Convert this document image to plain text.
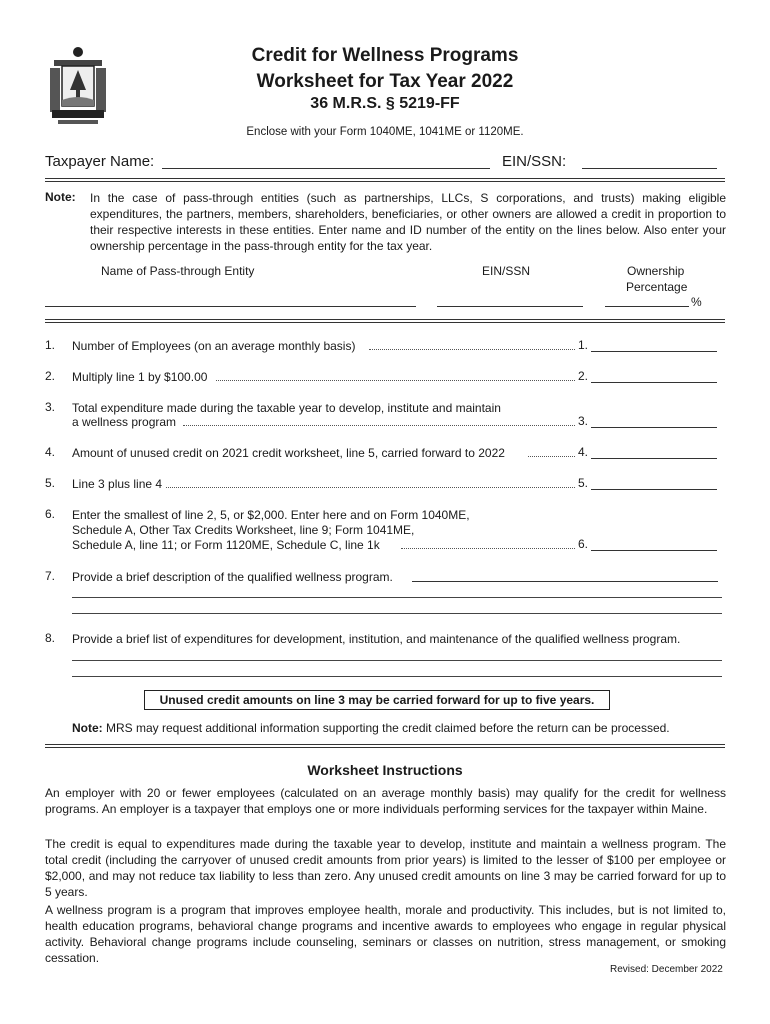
Credit for Wellness Programs
Worksheet for Tax Year 2022
36 M.R.S. § 5219-FF
Enclose with your Form 1040ME, 1041ME or 1120ME.
Taxpayer Name:	EIN/SSN:
Note: In the case of pass-through entities (such as partnerships, LLCs, S corporations, and trusts) making eligible expenditures, the partners, members, shareholders, beneficiaries, or other owners are allowed a credit in proportion to their respective interests in these entities. Enter name and ID number of the entity on the lines below. Also enter your ownership percentage in the pass-through entity for the tax year.
Name of Pass-through Entity	EIN/SSN	Ownership
Percentage
%
1. Number of Employees (on an average monthly basis)	1.
2. Multiply line 1 by $100.00	2.
3. Total expenditure made during the taxable year to develop, institute and maintain
a wellness program	3.
4. Amount of unused credit on 2021 credit worksheet, line 5, carried forward to 2022	4.
5. Line 3 plus line 4	5.
6. Enter the smallest of line 2, 5, or $2,000. Enter here and on Form 1040ME,
Schedule A, Other Tax Credits Worksheet, line 9; Form 1041ME,
Schedule A, line 11; or Form 1120ME, Schedule C, line 1k	6.
7. Provide a brief description of the qualified wellness program.
8. Provide a brief list of expenditures for development, institution, and maintenance of the qualified wellness program.
Unused credit amounts on line 3 may be carried forward for up to five years.
Note: MRS may request additional information supporting the credit claimed before the return can be processed.
Worksheet Instructions
An employer with 20 or fewer employees (calculated on an average monthly basis) may qualify for the credit for wellness programs. An employer is a taxpayer that employs one or more individuals performing services for the taxpayer within Maine.
The credit is equal to expenditures made during the taxable year to develop, institute and maintain a wellness program. The total credit (including the carryover of unused credit amounts from prior years) is limited to the lesser of $100 per employee or $2,000, and may not reduce tax liability to less than zero. Any unused credit amounts on line 3 may be carried forward for up to 5 years.
A wellness program is a program that improves employee health, morale and productivity. This includes, but is not limited to, health education programs, behavioral change programs and incentive awards to employees who engage in regular physical activity. Behavioral change programs include counseling, seminars or classes on nutrition, stress management, or smoking cessation.
Revised: December 2022
